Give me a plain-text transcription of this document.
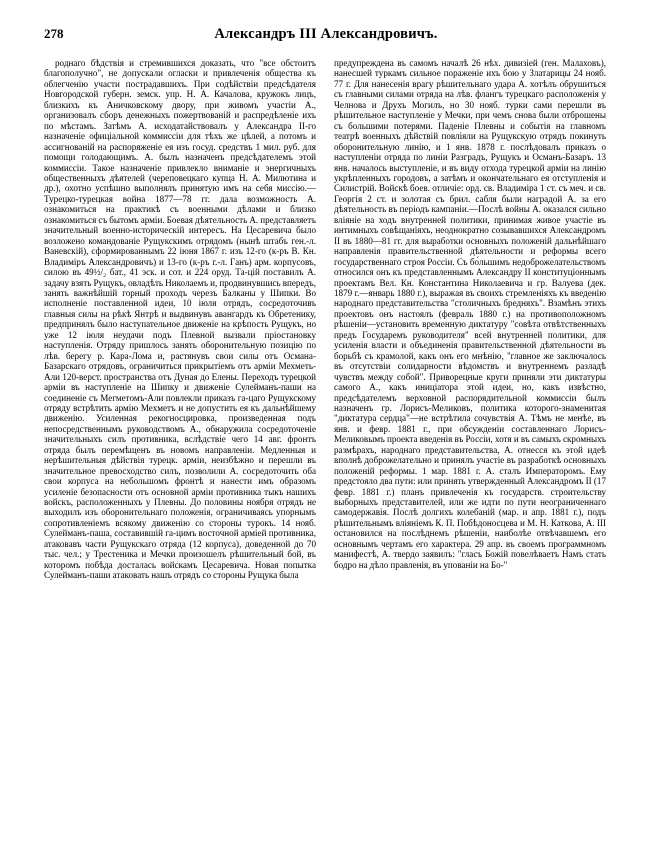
278	Александръ III Александровичъ.

роднаго бѣдствія и стремившихся доказать, что "все обстоитъ благополучно", не допускали огласки и привлеченія общества къ облегченію участи пострадавшихъ. При содѣйствіи предсѣдателя Новгородской губерн. земск. упр. Н. А. Качалова, кружокъ лицъ, близкихъ къ Аничковскому двору, при живомъ участіи А., организовалъ сборъ денежныхъ пожертвованій и распредѣленіе ихъ по мѣстамъ. Затѣмъ А. исходатайствовалъ у Александра II-го назначеніе офиціальной коммиссіи для тѣхъ же цѣлей, а потомъ и ассигнованій на распоряженіе ея изъ госуд. средствъ 1 мил. руб. для помощи голодающимъ. А. былъ назначенъ предсѣдателемъ этой коммиссіи. Такое назначеніе привлекло вниманіе и энергичныхъ общественныхъ дѣятелей (череповецкаго купца Н. А. Милютина и др.), охотно успѣшно выполнялъ принятую имъ на себя миссію.—Турецко-турецкая война 1877—78 гг. дала возможность А. ознакомиться на практикѣ съ военными дѣлами и близко ознакомиться съ бытомъ арміи. Боевая дѣятельность А. представляетъ значительный военно-историческій интересъ. На Цесаревича было возложено командованіе Рущукскимъ отрядомъ (нынѣ штабъ ген.-л. Ваневскій), сформированнымъ 22 іюня 1867 г. изъ 12-го (к-ръ В. Кн. Владиміръ Александровичъ) и 13-го (к-ръ г.-л. Ганъ) арм. корпусовъ, силою въ 49½/₂ бат., 41 эск. и сот. и 224 оруд. Та-цій поставилъ А. задачу взять Рущукъ, овладѣть Николаемъ и, продвинувшись впередъ, занять важнѣйшій горный проходъ черезъ Балканы у Шипки. Во исполненіе поставленной идеи, 10 іюля отрядъ, сосредоточивъ главныя силы на рѣкѣ Янтрѣ и выдвинувъ авангардъ къ Обретенику, предпринялъ было наступательное движеніе на крѣпость Рущукъ, но уже 12 іюля неудачи подъ Плевной вызвали пріостановку наступленія. Отряду пришлось занять оборонительную позицію по лѣв. берегу р. Кара-Лома и, растянувъ свои силы отъ Османа-Базарскаго отрядовъ, ограничиться прикрытіемъ отъ арміи Мехметь-Али 120-верст. пространства отъ Дуная до Елены. Переходъ турецкой арміи въ наступленіе на Шипку и движеніе Сулейманъ-паши на соединеніе съ Мегметомъ-Али повлекли приказъ га-цаго Рущукскому отряду встрѣтить армію Мехметъ и не допустить ея къ дальнѣйшему движенію. Усиленная рекогносцировка, произведенная подъ непосредственнымъ руководствомъ А., обнаружила сосредоточеніе значительныхъ силъ противника, вслѣдствіе чего 14 авг. фронтъ отряда былъ перемѣщенъ въ новомъ направленіи. Медленныя и нерѣшительныя дѣйствія турецк. арміи, неизбѣжно и перешли въ значительное превосходство силъ, позволили А. сосредоточить оба свои корпуса на небольшомъ фронтѣ и нанести имъ образомъ усиленіе безопасности отъ основной арміи противника тыкъ нашихъ войскъ, расположенныхъ у Плевны. До половины ноября отрядъ не выходилъ изъ оборонительнаго положенія, ограничиваясь упорнымъ сопротивленіемъ всякому движенію со стороны турокъ. 14 нояб. Сулейманъ-паша, составившій га-цимъ восточной арміей противника, атаковавъ части Рущукскаго отряда (12 корпуса), доведенной до 70 тыс. чел.; у Трестеника и Мечки произошелъ рѣшительный бой, въ которомъ побѣда досталась войскамъ Цесаревича. Новая попытка Сулейманъ-паши атаковать нашъ отрядъ со стороны Рущука была

предупреждена въ самомъ началѣ 26 нѣх. дивизіей (ген. Малаховъ), нанесшей туркамъ сильное пораженіе ихъ бою у Златарицы 24 нояб. 77 г. Для нанесенія врагу рѣшительнаго удара А. хотѣлъ обрушиться съ главными силами отряда на лѣв. флангъ турецкаго расположенія у Челнова и Друхъ Могилъ, но 30 нояб. турки сами перешли въ рѣшительное наступленіе у Мечки, при чемъ снова были отброшены съ большими потерями. Паденіе Плевны и событія на главномъ театрѣ военныхъ дѣйствій повліяли на Рущукскую отрядъ покинуть оборонительную линію, и 1 янв. 1878 г. послѣдовалъ приказъ о наступленіи отряда по линіи Разградъ, Рущукъ и Османъ-Базаръ. 13 янв. началось выступленіе, и въ виду отхода турецкой арміи на линію укрѣпленныхъ городовъ, а затѣмъ и окончательнаго ея отступленія и Силистрій. Войскѣ боев. отличіе: орд. св. Владиміра 1 ст. съ меч. и св. Георгія 2 ст. и золотая съ брил. сабля были наградой А. за его дѣятельность въ періодъ кампаніи.—Послѣ войны А. оказался сильно вліяніе на ходъ внутренней политики, принимая живое участіе въ интимныхъ совѣщаніяхъ, неоднократно созывавшихся Александромъ II въ 1880—81 гг. для выработки основныхъ положеній дальнѣйшаго направленія правительственной дѣятельности и реформы всего государственнаго строя Россіи. Съ бо́льшимъ недоброжелательствомъ относился онъ къ представленнымъ Александру II конституціоннымъ проектамъ Вел. Кн. Константина Николаевича и гр. Валуева (дек. 1879 г.—январь 1880 г.), выражая въ своихъ стремленіяхъ къ введенію народнаго представительства "столичныхъ бредняхъ". Взамѣнъ этихъ проектовъ онъ настоялъ (февраль 1880 г.) на противоположномъ рѣшеніи—установить временную диктатуру "совѣта отвѣтственныхъ предъ Государемъ руководителя" всей внутренней политики, для усиленія власти и объединенія правительственной дѣятельности въ борьбѣ съ крамолой, какъ онъ его мнѣнію, "главное же заключалось въ отсутствіи солидарности вѣдомствъ и внутреннемъ разладѣ чувствъ между собой". Приворецные круги приняли эти диктатуры самого А., какъ иниціатора этой идеи, но, какъ извѣстно, предсѣдателемъ верховной распорядительной коммиссіи былъ назначенъ гр. Лорисъ-Меликовъ, политика которого-знаменитая "диктатура сердца"—не встрѣтила сочувствія А. Тѣмъ не менѣе, въ янв. и февр. 1881 г., при обсужденіи составленнаго Лорисъ-Меликовымъ проекта введенія въ Россіи, хотя и въ самыхъ скромныхъ размѣрахъ, народнаго представительства, А. отнесся къ этой идеѣ вполнѣ доброжелательно и принялъ участіе въ разработкѣ основныхъ положеній реформы. 1 мар. 1881 г. А. сталъ Императоромъ. Ему предстояло два пути: или принять утвержденный Александромъ II (17 февр. 1881 г.) планъ привлеченія къ государств. строительству выборныхъ представителей, или же идти по пути неограниченнаго самодержавія. Послѣ долгихъ колебаній (мар. и апр. 1881 г.), подъ рѣшительнымъ вліяніемъ К. П. Побѣдоносцева и М. Н. Каткова, А. III остановился на послѣднемъ рѣшеніи, наиболѣе отвѣчавшемъ его основнымъ чертамъ его характера. 29 апр. въ своемъ программномъ манифестѣ, А. твердо заявилъ: "гласъ Божій повелѣваетъ Намъ стать бодро на дѣло правленія, въ упованіи на Бо-"
